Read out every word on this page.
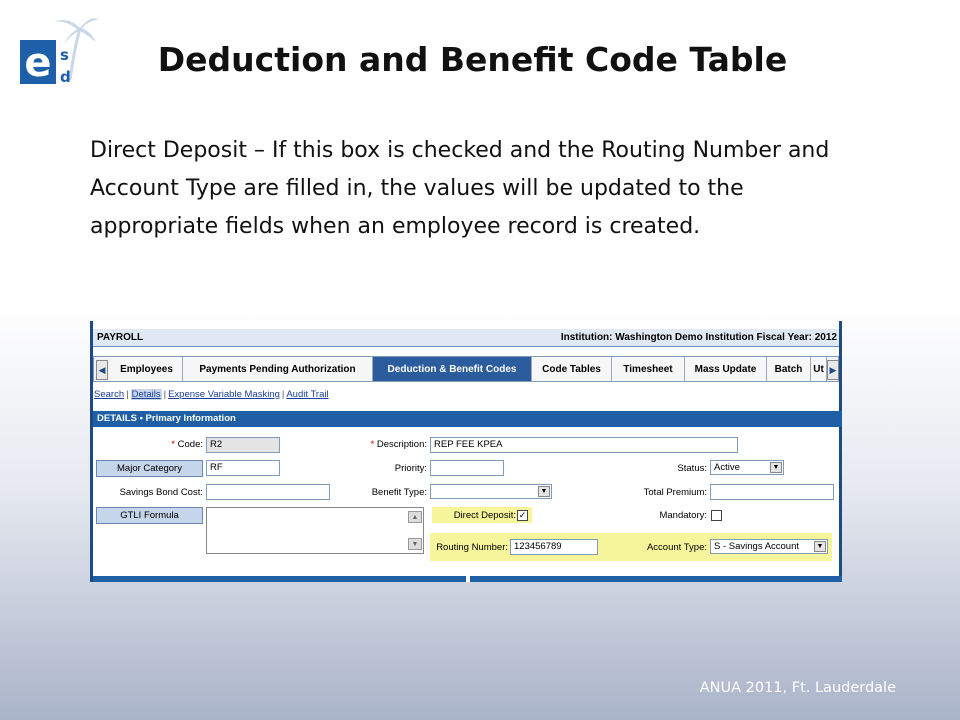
e s
d	Deduction and Benefit Code Table
Direct Deposit – If this box is checked and the Routing Number and Account Type are filled in, the values will be updated to the appropriate fields when an employee record is created.
PAYROLL	Institution: Washington Demo Institution Fiscal Year: 2012
◀	Employees	Payments Pending Authorization	Deduction & Benefit Codes	Code Tables	Timesheet	Mass Update	Batch	Ut ▶
Search | Details | Expense Variable Masking | Audit Trail
DETAILS • Primary Information
* Code: R2	* Description: REP FEE KPEA
Major Category	RF	Priority:	Status: Active	▼
Savings Bond Cost:	Benefit Type:	▼	Total Premium:
GTLI Formula	▲
▼
Direct Deposit: ✓	Mandatory:
Routing Number: 123456789	Account Type: S - Savings Account	▼
ANUA 2011, Ft. Lauderdale
